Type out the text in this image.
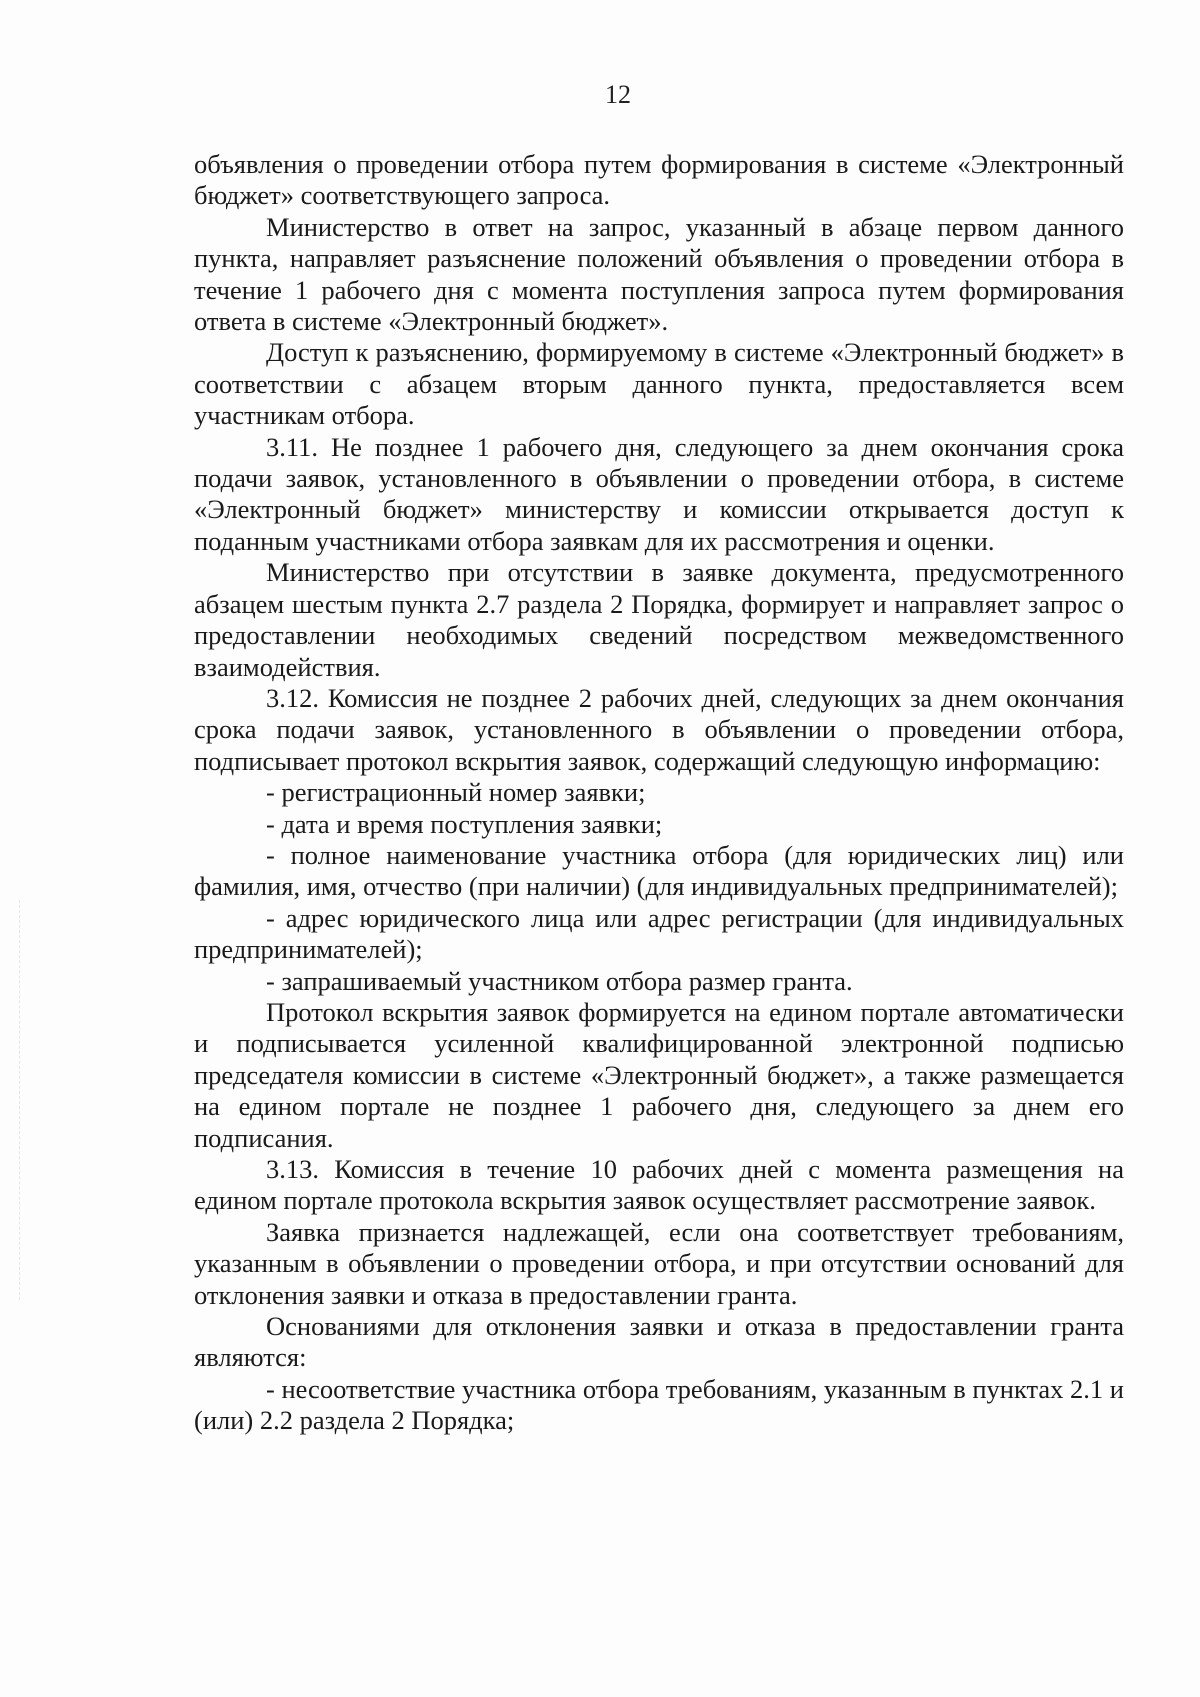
12

объявления о проведении отбора путем формирования в системе «Электронный бюджет» соответствующего запроса.

Министерство в ответ на запрос, указанный в абзаце первом данного пункта, направляет разъяснение положений объявления о проведении отбора в течение 1 рабочего дня с момента поступления запроса путем формирования ответа в системе «Электронный бюджет».

Доступ к разъяснению, формируемому в системе «Электронный бюджет» в соответствии с абзацем вторым данного пункта, предоставляется всем участникам отбора.

3.11. Не позднее 1 рабочего дня, следующего за днем окончания срока подачи заявок, установленного в объявлении о проведении отбора, в системе «Электронный бюджет» министерству и комиссии открывается доступ к поданным участниками отбора заявкам для их рассмотрения и оценки.

Министерство при отсутствии в заявке документа, предусмотренного абзацем шестым пункта 2.7 раздела 2 Порядка, формирует и направляет запрос о предоставлении необходимых сведений посредством межведомственного взаимодействия.

3.12. Комиссия не позднее 2 рабочих дней, следующих за днем окончания срока подачи заявок, установленного в объявлении о проведении отбора, подписывает протокол вскрытия заявок, содержащий следующую информацию:

- регистрационный номер заявки;

- дата и время поступления заявки;

- полное наименование участника отбора (для юридических лиц) или фамилия, имя, отчество (при наличии) (для индивидуальных предпринимателей);

- адрес юридического лица или адрес регистрации (для индивидуальных предпринимателей);

- запрашиваемый участником отбора размер гранта.

Протокол вскрытия заявок формируется на едином портале автоматически и подписывается усиленной квалифицированной электронной подписью председателя комиссии в системе «Электронный бюджет», а также размещается на едином портале не позднее 1 рабочего дня, следующего за днем его подписания.

3.13. Комиссия в течение 10 рабочих дней с момента размещения на едином портале протокола вскрытия заявок осуществляет рассмотрение заявок.

Заявка признается надлежащей, если она соответствует требованиям, указанным в объявлении о проведении отбора, и при отсутствии оснований для отклонения заявки и отказа в предоставлении гранта.

Основаниями для отклонения заявки и отказа в предоставлении гранта являются:

- несоответствие участника отбора требованиям, указанным в пунктах 2.1 и (или) 2.2 раздела 2 Порядка;
